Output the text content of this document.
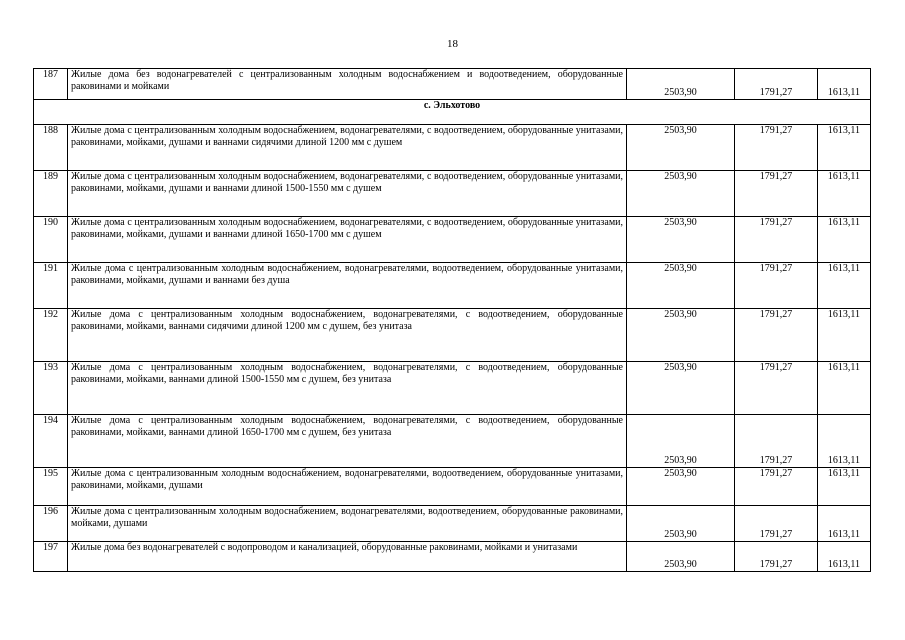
18
187	Жилые дома без водонагревателей с централизованным холодным водоснабжением и водоотведением, оборудованные раковинами и мойками	2503,90	1791,27	1613,11
с. Эльхотово				
188	Жилые дома с централизованным холодным водоснабжением, водонагревателями, с водоотведением, оборудованные унитазами, раковинами, мойками, душами и ваннами сидячими длиной 1200 мм с душем	2503,90	1791,27	1613,11
189	Жилые дома с централизованным холодным водоснабжением, водонагревателями, с водоотведением, оборудованные унитазами, раковинами, мойками, душами и ваннами длиной 1500-1550 мм с душем	2503,90	1791,27	1613,11
190	Жилые дома с централизованным холодным водоснабжением, водонагревателями, с водоотведением, оборудованные унитазами, раковинами, мойками, душами и ваннами длиной 1650-1700 мм с душем	2503,90	1791,27	1613,11
191	Жилые дома с централизованным холодным водоснабжением, водонагревателями, водоотведением, оборудованные унитазами, раковинами, мойками, душами и ваннами без душа	2503,90	1791,27	1613,11
192	Жилые дома с централизованным холодным водоснабжением, водонагревателями, с водоотведением, оборудованные раковинами, мойками, ваннами сидячими длиной 1200 мм с душем, без унитаза	2503,90	1791,27	1613,11
193	Жилые дома с централизованным холодным водоснабжением, водонагревателями, с водоотведением, оборудованные раковинами, мойками, ваннами длиной 1500-1550 мм с душем, без унитаза	2503,90	1791,27	1613,11
194	Жилые дома с централизованным холодным водоснабжением, водонагревателями, с водоотведением, оборудованные раковинами, мойками, ваннами длиной 1650-1700 мм с душем, без унитаза	2503,90	1791,27	1613,11
195	Жилые дома с централизованным холодным водоснабжением, водонагревателями, водоотведением, оборудованные унитазами, раковинами, мойками, душами	2503,90	1791,27	1613,11
196	Жилые дома с централизованным холодным водоснабжением, водонагревателями, водоотведением, оборудованные раковинами, мойками, душами	2503,90	1791,27	1613,11
197	Жилые дома без водонагревателей с водопроводом и канализацией, оборудованные раковинами, мойками и унитазами	2503,90	1791,27	1613,11
